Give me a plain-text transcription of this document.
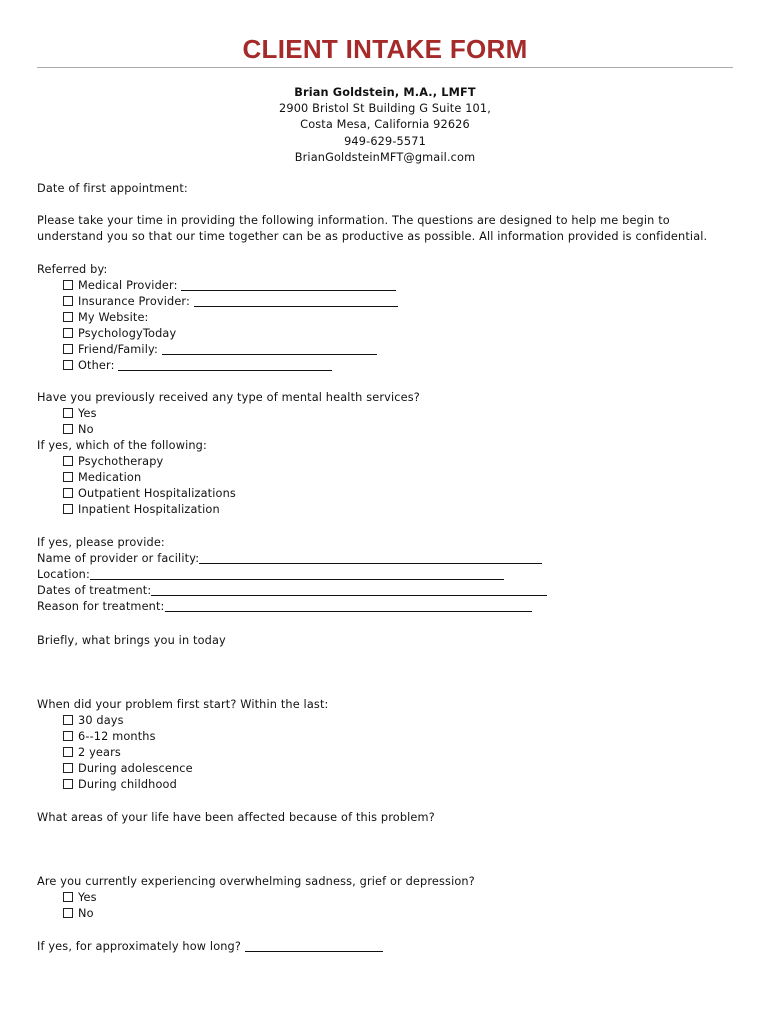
CLIENT INTAKE FORM
Brian Goldstein, M.A., LMFT
2900 Bristol St Building G Suite 101,
Costa Mesa, California 92626
949-629-5571
BrianGoldsteinMFT@gmail.com
Date of first appointment:
Please take your time in providing the following information. The questions are designed to help me begin to
understand you so that our time together can be as productive as possible. All information provided is confidential.
Referred by:
Medical Provider:
Insurance Provider:
My Website:
PsychologyToday
Friend/Family:
Other:
Have you previously received any type of mental health services?
Yes
No
If yes, which of the following:
Psychotherapy
Medication
Outpatient Hospitalizations
Inpatient Hospitalization
If yes, please provide:
Name of provider or facility:
Location:
Dates of treatment:
Reason for treatment:
Briefly, what brings you in today
When did your problem first start? Within the last:
30 days
6--12 months
2 years
During adolescence
During childhood
What areas of your life have been affected because of this problem?
Are you currently experiencing overwhelming sadness, grief or depression?
Yes
No
If yes, for approximately how long?
